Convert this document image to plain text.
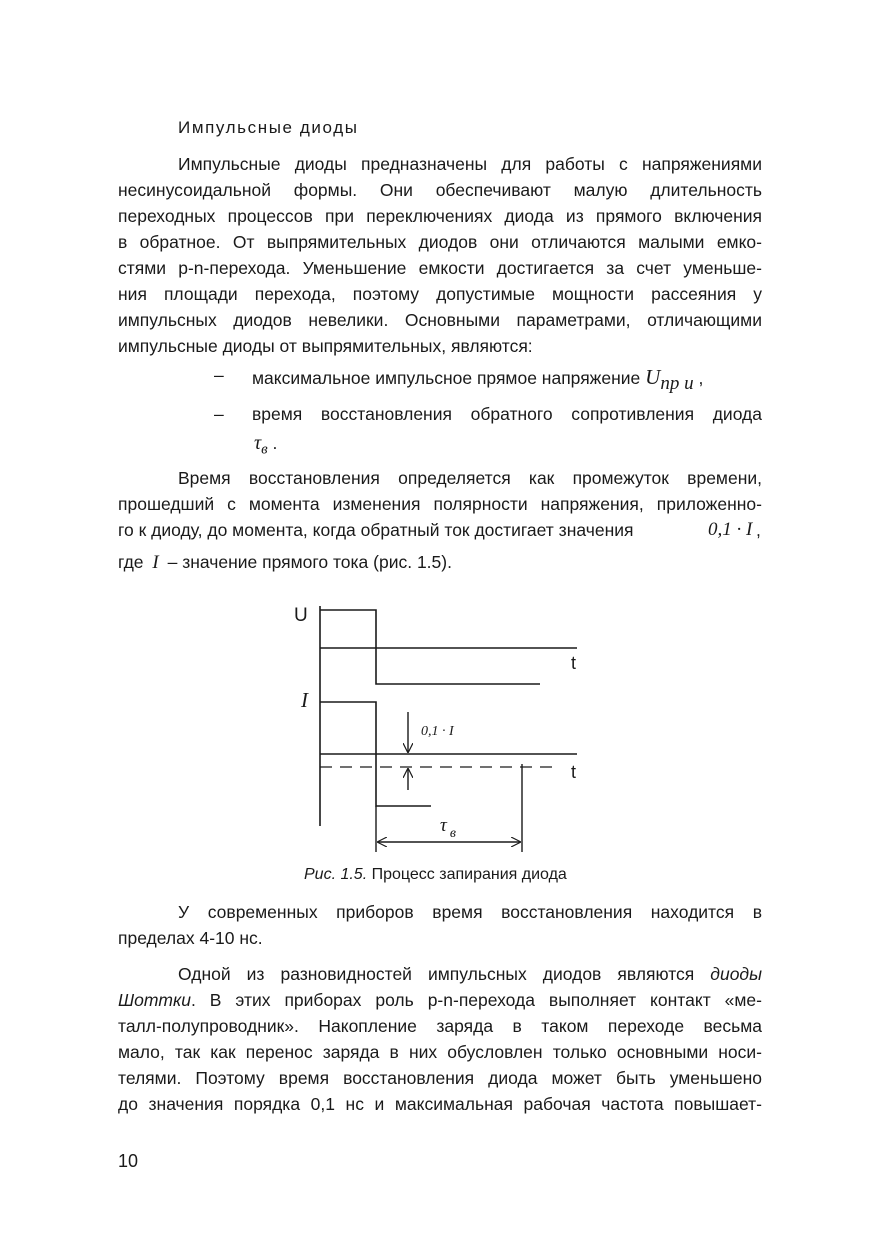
Импульсные диоды
Импульсные диоды предназначены для работы с напряжениями
несинусоидальной формы. Они обеспечивают малую длительность
переходных процессов при переключениях диода из прямого включения
в обратное. От выпрямительных диодов они отличаются малыми емко-
стями p-n-перехода. Уменьшение емкости достигается за счет уменьше-
ния площади перехода, поэтому допустимые мощности рассеяния у
импульсных диодов невелики. Основными параметрами, отличающими
импульсные диоды от выпрямительных, являются:
– максимальное импульсное прямое напряжение $U_{пр и}$ ,
– время восстановления обратного сопротивления диода
$\tau_в$ .
Время восстановления определяется как промежуток времени,
прошедший с момента изменения полярности напряжения, приложенно-
го к диоду, до момента, когда обратный ток достигает значения	0,1 · I ,
где I – значение прямого тока (рис. 1.5).
U
t
I
0,1 · I
t
τ $_в$
Рис. 1.5. Процесс запирания диода
У современных приборов время восстановления находится в
пределах 4-10 нс.
Одной из разновидностей импульсных диодов являются диоды
Шоттки. В этих приборах роль p-n-перехода выполняет контакт «ме-
талл-полупроводник». Накопление заряда в таком переходе весьма
мало, так как перенос заряда в них обусловлен только основными носи-
телями. Поэтому время восстановления диода может быть уменьшено
до значения порядка 0,1 нс и максимальная рабочая частота повышает-
10
